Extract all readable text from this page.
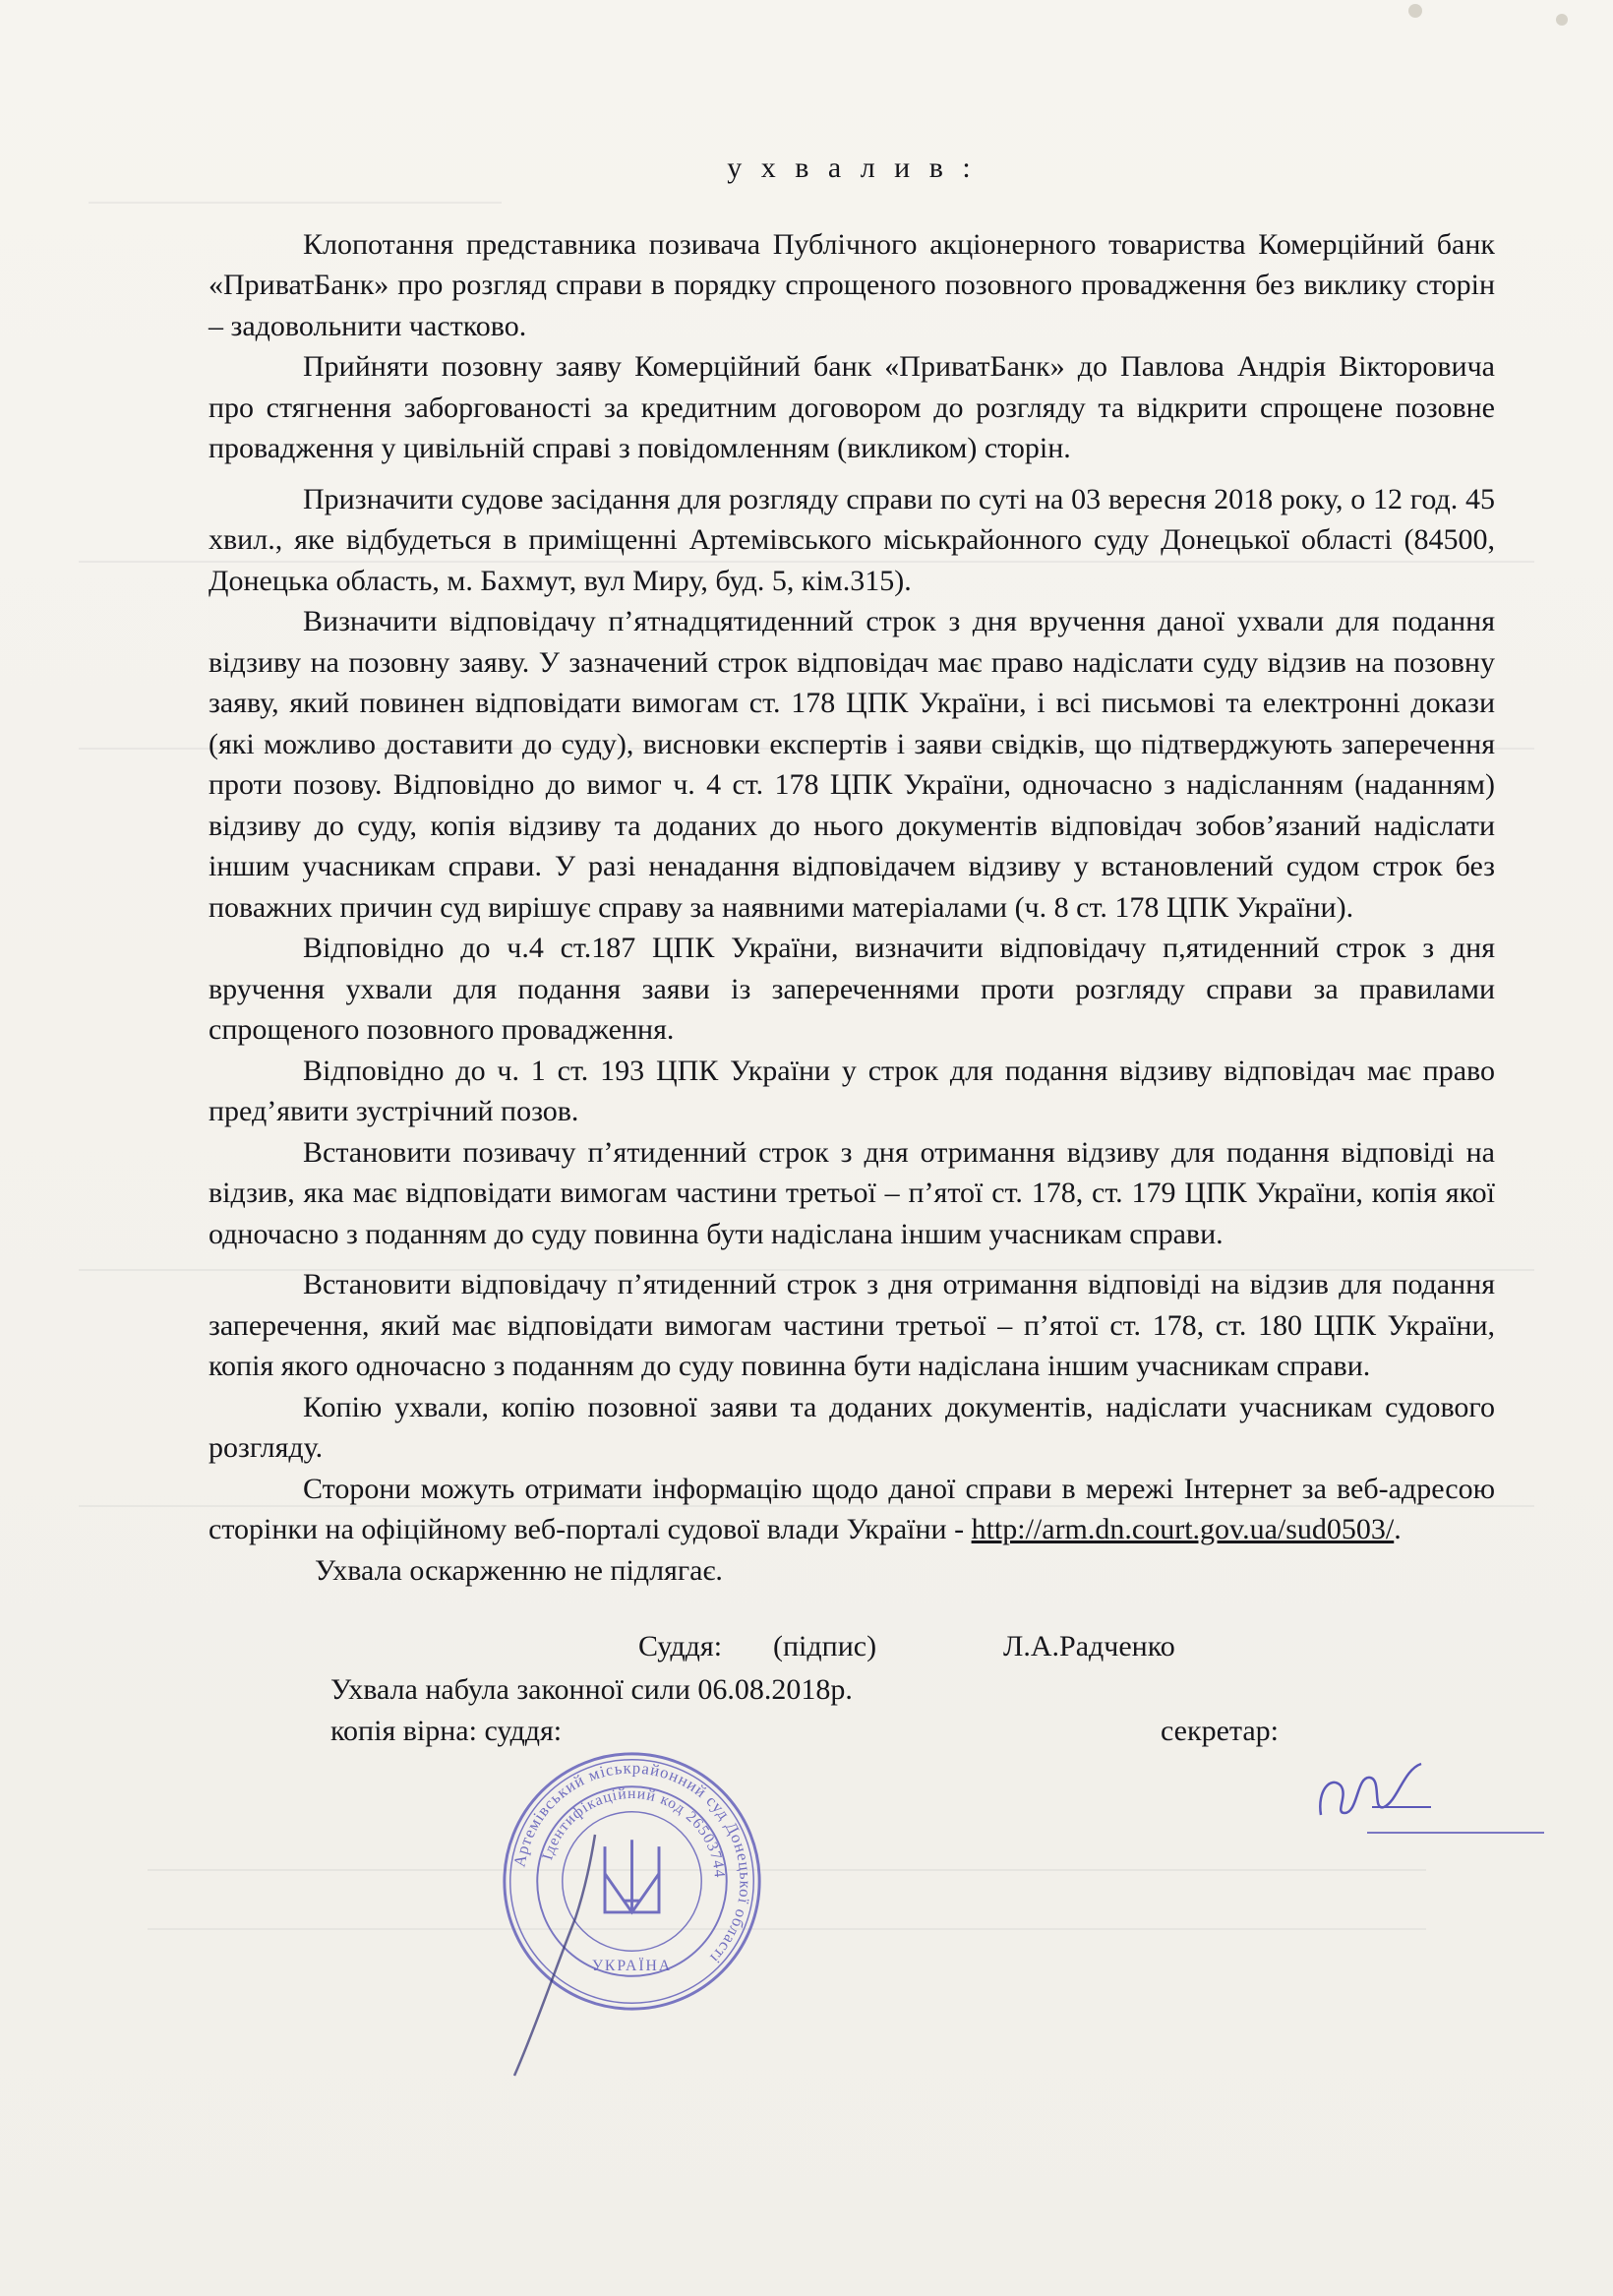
у х в а л и в :

Клопотання представника позивача Публічного акціонерного товариства Комерційний банк «ПриватБанк» про розгляд справи в порядку спрощеного позовного провадження без виклику сторін – задовольнити частково.

Прийняти позовну заяву Комерційний банк «ПриватБанк» до Павлова Андрія Вікторовича про стягнення заборгованості за кредитним договором до розгляду та відкрити спрощене позовне провадження у цивільній справі з повідомленням (викликом) сторін.

Призначити судове засідання для розгляду справи по суті на 03 вересня 2018 року, о 12 год. 45 хвил., яке відбудеться в приміщенні Артемівського міськрайонного суду Донецької області (84500, Донецька область, м. Бахмут, вул Миру, буд. 5, кім.315).

Визначити відповідачу п’ятнадцятиденний строк з дня вручення даної ухвали для подання відзиву на позовну заяву. У зазначений строк відповідач має право надіслати суду відзив на позовну заяву, який повинен відповідати вимогам ст. 178 ЦПК України, і всі письмові та електронні докази (які можливо доставити до суду), висновки експертів і заяви свідків, що підтверджують заперечення проти позову. Відповідно до вимог ч. 4 ст. 178 ЦПК України, одночасно з надісланням (наданням) відзиву до суду, копія відзиву та доданих до нього документів відповідач зобов’язаний надіслати іншим учасникам справи. У разі ненадання відповідачем відзиву у встановлений судом строк без поважних причин суд вирішує справу за наявними матеріалами (ч. 8 ст. 178 ЦПК України).

Відповідно до ч.4 ст.187 ЦПК України, визначити відповідачу п,ятиденний строк з дня вручення ухвали для подання заяви із запереченнями проти розгляду справи за правилами спрощеного позовного провадження.

Відповідно до ч. 1 ст. 193 ЦПК України у строк для подання відзиву відповідач має право пред’явити зустрічний позов.

Встановити позивачу п’ятиденний строк з дня отримання відзиву для подання відповіді на відзив, яка має відповідати вимогам частини третьої – п’ятої ст. 178, ст. 179 ЦПК України, копія якої одночасно з поданням до суду повинна бути надіслана іншим учасникам справи.

Встановити відповідачу п’ятиденний строк з дня отримання відповіді на відзив для подання заперечення, який має відповідати вимогам частини третьої – п’ятої ст. 178, ст. 180 ЦПК України, копія якого одночасно з поданням до суду повинна бути надіслана іншим учасникам справи.

Копію ухвали, копію позовної заяви та доданих документів, надіслати учасникам судового розгляду.

Сторони можуть отримати інформацію щодо даної справи в мережі Інтернет за веб-адресою сторінки на офіційному веб-порталі судової влади України - http://arm.dn.court.gov.ua/sud0503/.

Ухвала оскарженню не підлягає.

Суддя: (підпис)	Л.А.Радченко
Ухвала набула законної сили 06.08.2018р.
копія вірна: суддя:	секретар:
Артемівський міськрайонний суд Донецької області
Ідентифікаційний код 26503744
УКРАЇНА
